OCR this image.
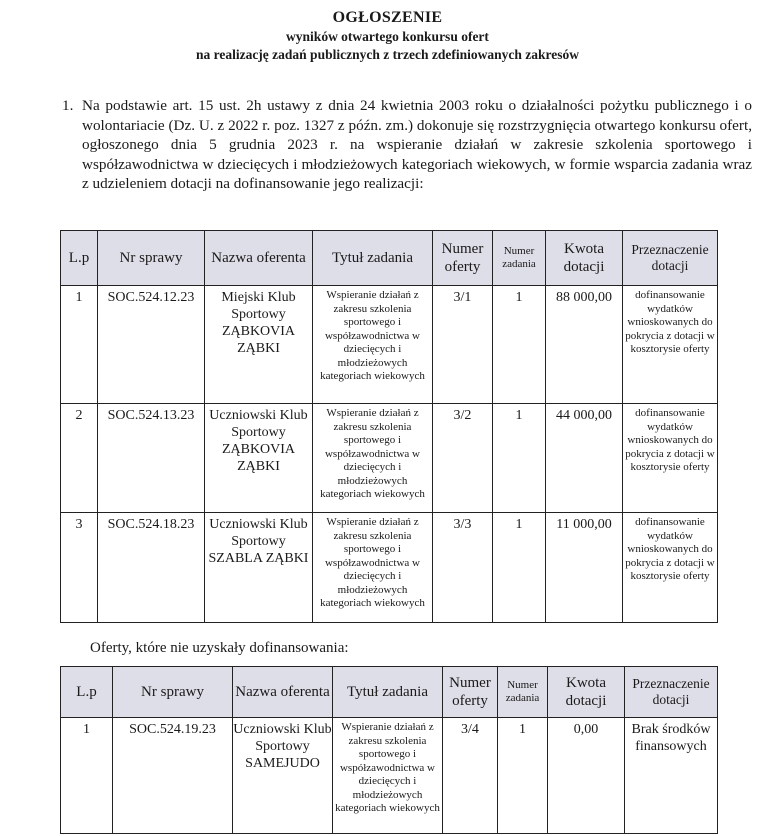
OGŁOSZENIE
wyników otwartego konkursu ofert
na realizację zadań publicznych z trzech zdefiniowanych zakresów
1. Na podstawie art. 15 ust. 2h ustawy z dnia 24 kwietnia 2003 roku o działalności pożytku publicznego i o wolontariacie (Dz. U. z 2022 r. poz. 1327 z późn. zm.) dokonuje się rozstrzygnięcia otwartego konkursu ofert, ogłoszonego dnia 5 grudnia 2023 r. na wspieranie działań w zakresie szkolenia sportowego i współzawodnictwa w dziecięcych i młodzieżowych kategoriach wiekowych, w formie wsparcia zadania wraz z udzieleniem dotacji na dofinansowanie jego realizacji:
L.p	Nr sprawy	Nazwa oferenta	Tytuł zadania	Numer oferty	Numer zadania	Kwota dotacji	Przeznaczenie dotacji
1	SOC.524.12.23	Miejski Klub Sportowy ZĄBKOVIA ZĄBKI	Wspieranie działań z zakresu szkolenia sportowego i współzawodnictwa w dziecięcych i młodzieżowych kategoriach wiekowych	3/1	1	88 000,00	dofinansowanie wydatków wnioskowanych do pokrycia z dotacji w kosztorysie oferty
2	SOC.524.13.23	Uczniowski Klub Sportowy ZĄBKOVIA ZĄBKI	Wspieranie działań z zakresu szkolenia sportowego i współzawodnictwa w dziecięcych i młodzieżowych kategoriach wiekowych	3/2	1	44 000,00	dofinansowanie wydatków wnioskowanych do pokrycia z dotacji w kosztorysie oferty
3	SOC.524.18.23	Uczniowski Klub Sportowy SZABLA ZĄBKI	Wspieranie działań z zakresu szkolenia sportowego i współzawodnictwa w dziecięcych i młodzieżowych kategoriach wiekowych	3/3	1	11 000,00	dofinansowanie wydatków wnioskowanych do pokrycia z dotacji w kosztorysie oferty
Oferty, które nie uzyskały dofinansowania:
L.p	Nr sprawy	Nazwa oferenta	Tytuł zadania	Numer oferty	Numer zadania	Kwota dotacji	Przeznaczenie dotacji
1	SOC.524.19.23	Uczniowski Klub Sportowy SAMEJUDO	Wspieranie działań z zakresu szkolenia sportowego i współzawodnictwa w dziecięcych i młodzieżowych kategoriach wiekowych	3/4	1	0,00	Brak środków finansowych
